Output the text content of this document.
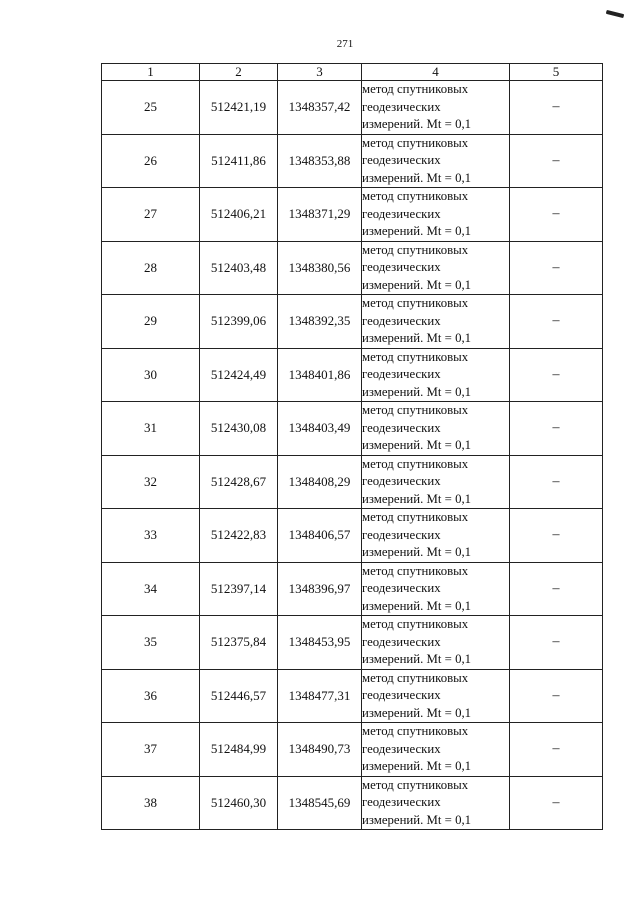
271
1	2	3	4	5
25	512421,19	1348357,42	метод спутниковых
геодезических
измерений. Mt = 0,1	–
26	512411,86	1348353,88	метод спутниковых
геодезических
измерений. Mt = 0,1	–
27	512406,21	1348371,29	метод спутниковых
геодезических
измерений. Mt = 0,1	–
28	512403,48	1348380,56	метод спутниковых
геодезических
измерений. Mt = 0,1	–
29	512399,06	1348392,35	метод спутниковых
геодезических
измерений. Mt = 0,1	–
30	512424,49	1348401,86	метод спутниковых
геодезических
измерений. Mt = 0,1	–
31	512430,08	1348403,49	метод спутниковых
геодезических
измерений. Mt = 0,1	–
32	512428,67	1348408,29	метод спутниковых
геодезических
измерений. Mt = 0,1	–
33	512422,83	1348406,57	метод спутниковых
геодезических
измерений. Mt = 0,1	–
34	512397,14	1348396,97	метод спутниковых
геодезических
измерений. Mt = 0,1	–
35	512375,84	1348453,95	метод спутниковых
геодезических
измерений. Mt = 0,1	–
36	512446,57	1348477,31	метод спутниковых
геодезических
измерений. Mt = 0,1	–
37	512484,99	1348490,73	метод спутниковых
геодезических
измерений. Mt = 0,1	–
38	512460,30	1348545,69	метод спутниковых
геодезических
измерений. Mt = 0,1	–
